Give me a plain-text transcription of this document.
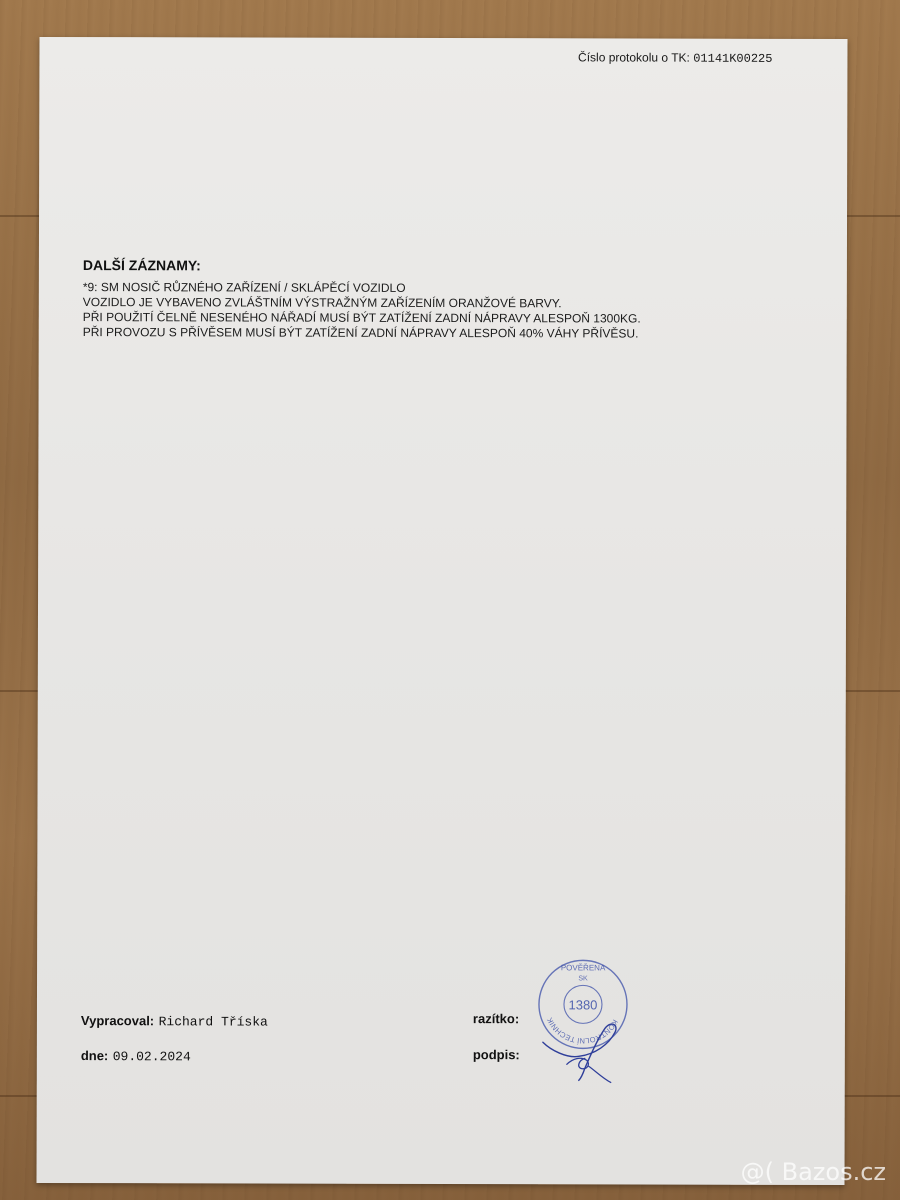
Číslo protokolu o TK: 01141K00225
DALŠÍ ZÁZNAMY:
*9: SM NOSIČ RŮZNÉHO ZAŘÍZENÍ / SKLÁPĚCÍ VOZIDLO
VOZIDLO JE VYBAVENO ZVLÁŠTNÍM VÝSTRAŽNÝM ZAŘÍZENÍM ORANŽOVÉ BARVY.
PŘI POUŽITÍ ČELNĚ NESENÉHO NÁŘADÍ MUSÍ BÝT ZATÍŽENÍ ZADNÍ NÁPRAVY ALESPOŇ 1300KG.
PŘI PROVOZU S PŘÍVĚSEM MUSÍ BÝT ZATÍŽENÍ ZADNÍ NÁPRAVY ALESPOŇ 40% VÁHY PŘÍVĚSU.
Vypracoval: Richard Tříska
dne: 09.02.2024
razítko:
podpis:
POVĚŘENA
SK
KONTROLNÍ TECHNIK
1380
@( Bazos.cz
